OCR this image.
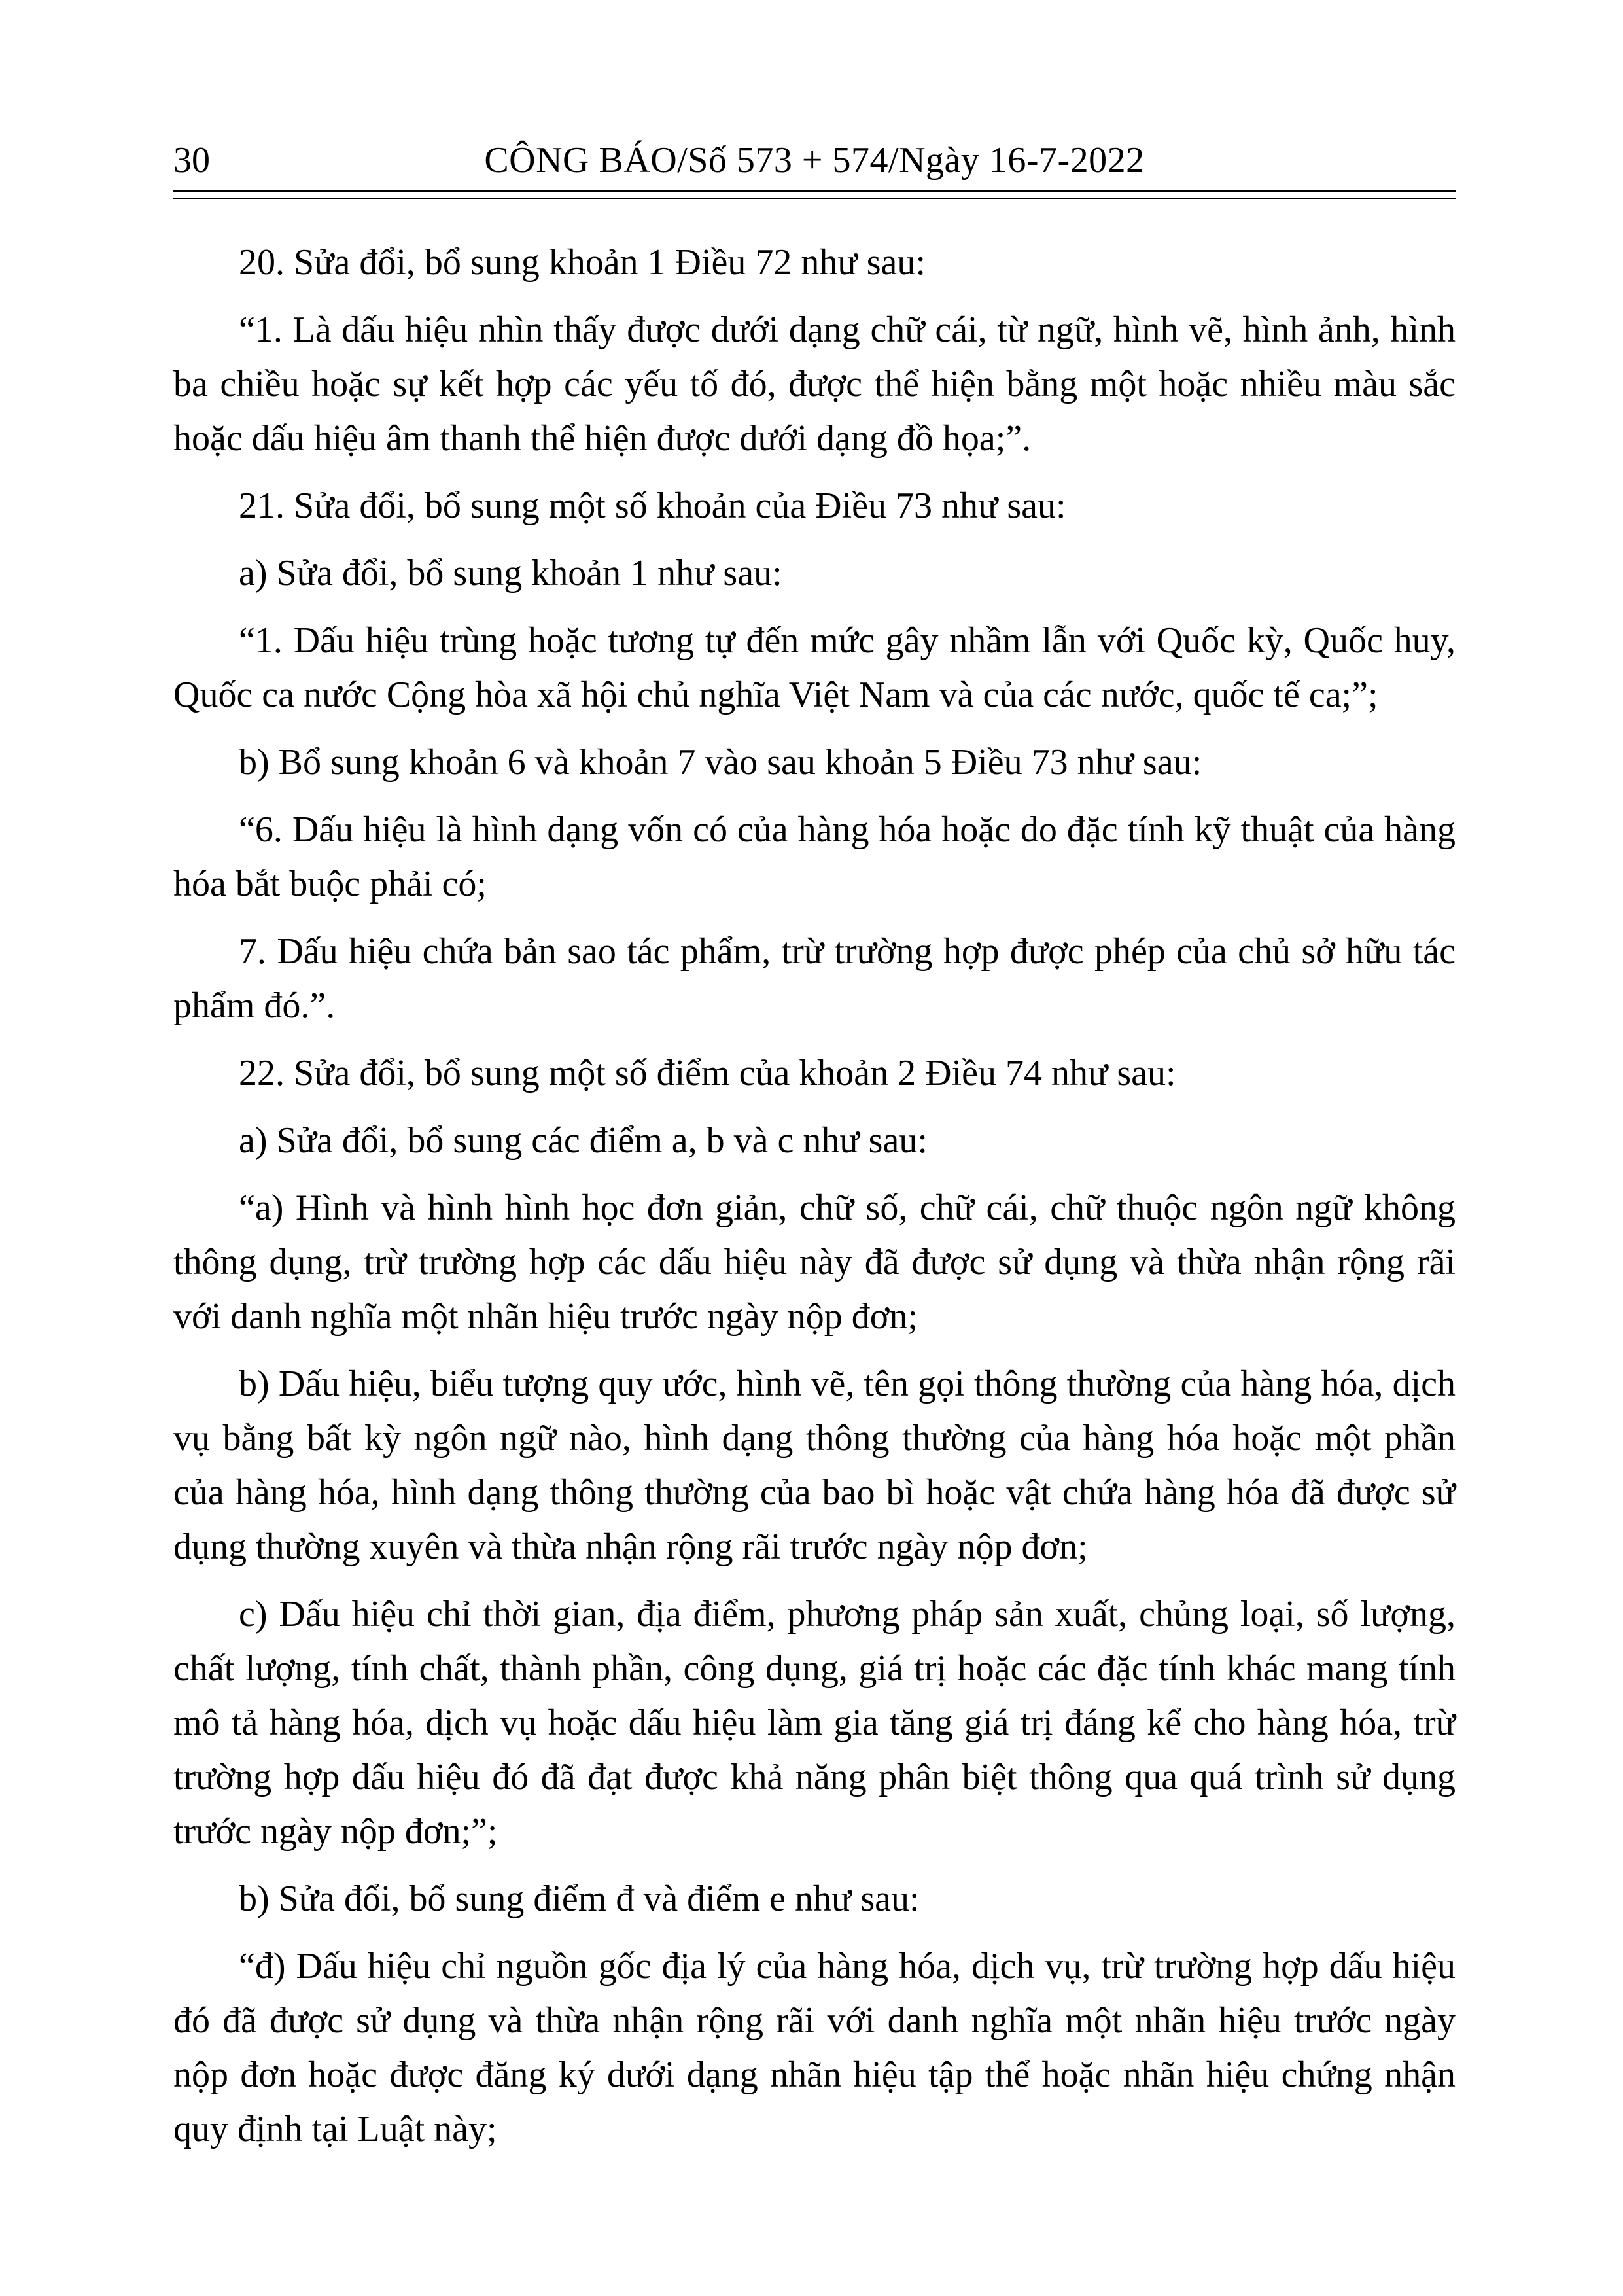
30	CÔNG BÁO/Số 573 + 574/Ngày 16-7-2022

20. Sửa đổi, bổ sung khoản 1 Điều 72 như sau:

“1. Là dấu hiệu nhìn thấy được dưới dạng chữ cái, từ ngữ, hình vẽ, hình ảnh, hình ba chiều hoặc sự kết hợp các yếu tố đó, được thể hiện bằng một hoặc nhiều màu sắc hoặc dấu hiệu âm thanh thể hiện được dưới dạng đồ họa;”.

21. Sửa đổi, bổ sung một số khoản của Điều 73 như sau:

a) Sửa đổi, bổ sung khoản 1 như sau:

“1. Dấu hiệu trùng hoặc tương tự đến mức gây nhầm lẫn với Quốc kỳ, Quốc huy, Quốc ca nước Cộng hòa xã hội chủ nghĩa Việt Nam và của các nước, quốc tế ca;”;

b) Bổ sung khoản 6 và khoản 7 vào sau khoản 5 Điều 73 như sau:

“6. Dấu hiệu là hình dạng vốn có của hàng hóa hoặc do đặc tính kỹ thuật của hàng hóa bắt buộc phải có;

7. Dấu hiệu chứa bản sao tác phẩm, trừ trường hợp được phép của chủ sở hữu tác phẩm đó.”.

22. Sửa đổi, bổ sung một số điểm của khoản 2 Điều 74 như sau:

a) Sửa đổi, bổ sung các điểm a, b và c như sau:

“a) Hình và hình hình học đơn giản, chữ số, chữ cái, chữ thuộc ngôn ngữ không thông dụng, trừ trường hợp các dấu hiệu này đã được sử dụng và thừa nhận rộng rãi với danh nghĩa một nhãn hiệu trước ngày nộp đơn;

b) Dấu hiệu, biểu tượng quy ước, hình vẽ, tên gọi thông thường của hàng hóa, dịch vụ bằng bất kỳ ngôn ngữ nào, hình dạng thông thường của hàng hóa hoặc một phần của hàng hóa, hình dạng thông thường của bao bì hoặc vật chứa hàng hóa đã được sử dụng thường xuyên và thừa nhận rộng rãi trước ngày nộp đơn;

c) Dấu hiệu chỉ thời gian, địa điểm, phương pháp sản xuất, chủng loại, số lượng, chất lượng, tính chất, thành phần, công dụng, giá trị hoặc các đặc tính khác mang tính mô tả hàng hóa, dịch vụ hoặc dấu hiệu làm gia tăng giá trị đáng kể cho hàng hóa, trừ trường hợp dấu hiệu đó đã đạt được khả năng phân biệt thông qua quá trình sử dụng trước ngày nộp đơn;”;

b) Sửa đổi, bổ sung điểm đ và điểm e như sau:

“đ) Dấu hiệu chỉ nguồn gốc địa lý của hàng hóa, dịch vụ, trừ trường hợp dấu hiệu đó đã được sử dụng và thừa nhận rộng rãi với danh nghĩa một nhãn hiệu trước ngày nộp đơn hoặc được đăng ký dưới dạng nhãn hiệu tập thể hoặc nhãn hiệu chứng nhận quy định tại Luật này;
